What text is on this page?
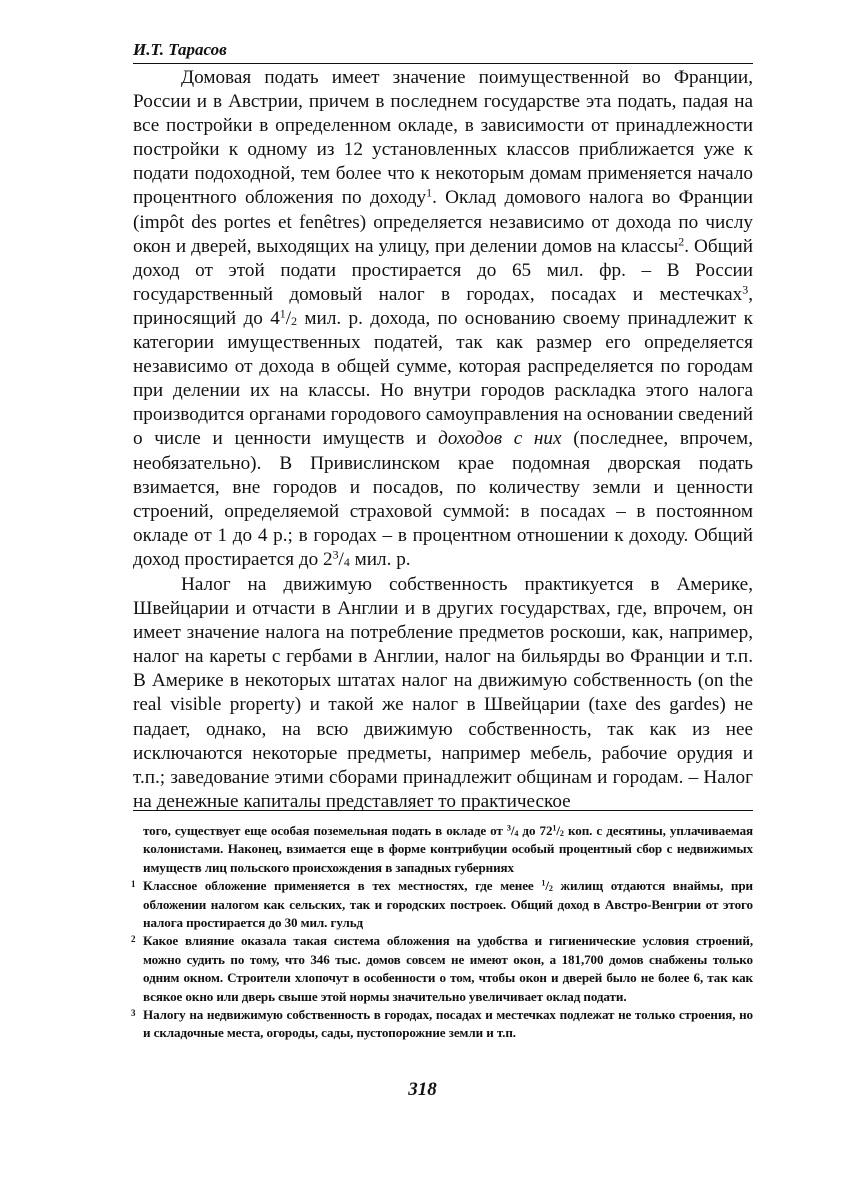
И.Т. Тарасов

Домовая подать имеет значение поимущественной во Франции, России и в Австрии, причем в последнем государстве эта подать, падая на все постройки в определенном окладе, в зависимости от принадлежности постройки к одному из 12 установленных классов приближается уже к подати подоходной, тем более что к некоторым домам применяется начало процентного обложения по доходу$^1$. Оклад домового налога во Франции (impôt des portes et fenêtres) определяется независимо от дохода по числу окон и дверей, выходящих на улицу, при делении домов на классы$^2$. Общий доход от этой подати простирается до 65 мил. фр. – В России государственный домовый налог в городах, посадах и местечках$^3$, приносящий до $4^1/_2$ мил. р. дохода, по основанию своему принадлежит к категории имущественных податей, так как размер его определяется независимо от дохода в общей сумме, которая распределяется по городам при делении их на классы. Но внутри городов раскладка этого налога производится органами городового самоуправления на основании сведений о числе и ценности имуществ и доходов с них (последнее, впрочем, необязательно). В Привислинском крае подомная дворская подать взимается, вне городов и посадов, по количеству земли и ценности строений, определяемой страховой суммой: в посадах – в постоянном окладе от 1 до 4 р.; в городах – в процентном отношении к доходу. Общий доход простирается до $2^3/_4$ мил. р.

Налог на движимую собственность практикуется в Америке, Швейцарии и отчасти в Англии и в других государствах, где, впрочем, он имеет значение налога на потребление предметов роскоши, как, например, налог на кареты с гербами в Англии, налог на бильярды во Франции и т.п. В Америке в некоторых штатах налог на движимую собственность (on the real visible property) и такой же налог в Швейцарии (taxe des gardes) не падает, однако, на всю движимую собственность, так как из нее исключаются некоторые предметы, например мебель, рабочие орудия и т.п.; заведование этими сборами принадлежит общинам и городам. – Налог на денежные капиталы представляет то практическое

того, существует еще особая поземельная подать в окладе от $^3/_4$ до $72^1/_2$ коп. с десятины, уплачиваемая колонистами. Наконец, взимается еще в форме контрибуции особый процентный сбор с недвижимых имуществ лиц польского происхождения в западных губерниях

1 Классное обложение применяется в тех местностях, где менее $^1/_2$ жилищ отдаются внаймы, при обложении налогом как сельских, так и городских построек. Общий доход в Австро-Венгрии от этого налога простирается до 30 мил. гульд

2 Какое влияние оказала такая система обложения на удобства и гигиенические условия строений, можно судить по тому, что 346 тыс. домов совсем не имеют окон, а 181,700 домов снабжены только одним окном. Строители хлопочут в особенности о том, чтобы окон и дверей было не более 6, так как всякое окно или дверь свыше этой нормы значительно увеличивает оклад подати.

3 Налогу на недвижимую собственность в городах, посадах и местечках подлежат не только строения, но и складочные места, огороды, сады, пустопорожние земли и т.п.

318
